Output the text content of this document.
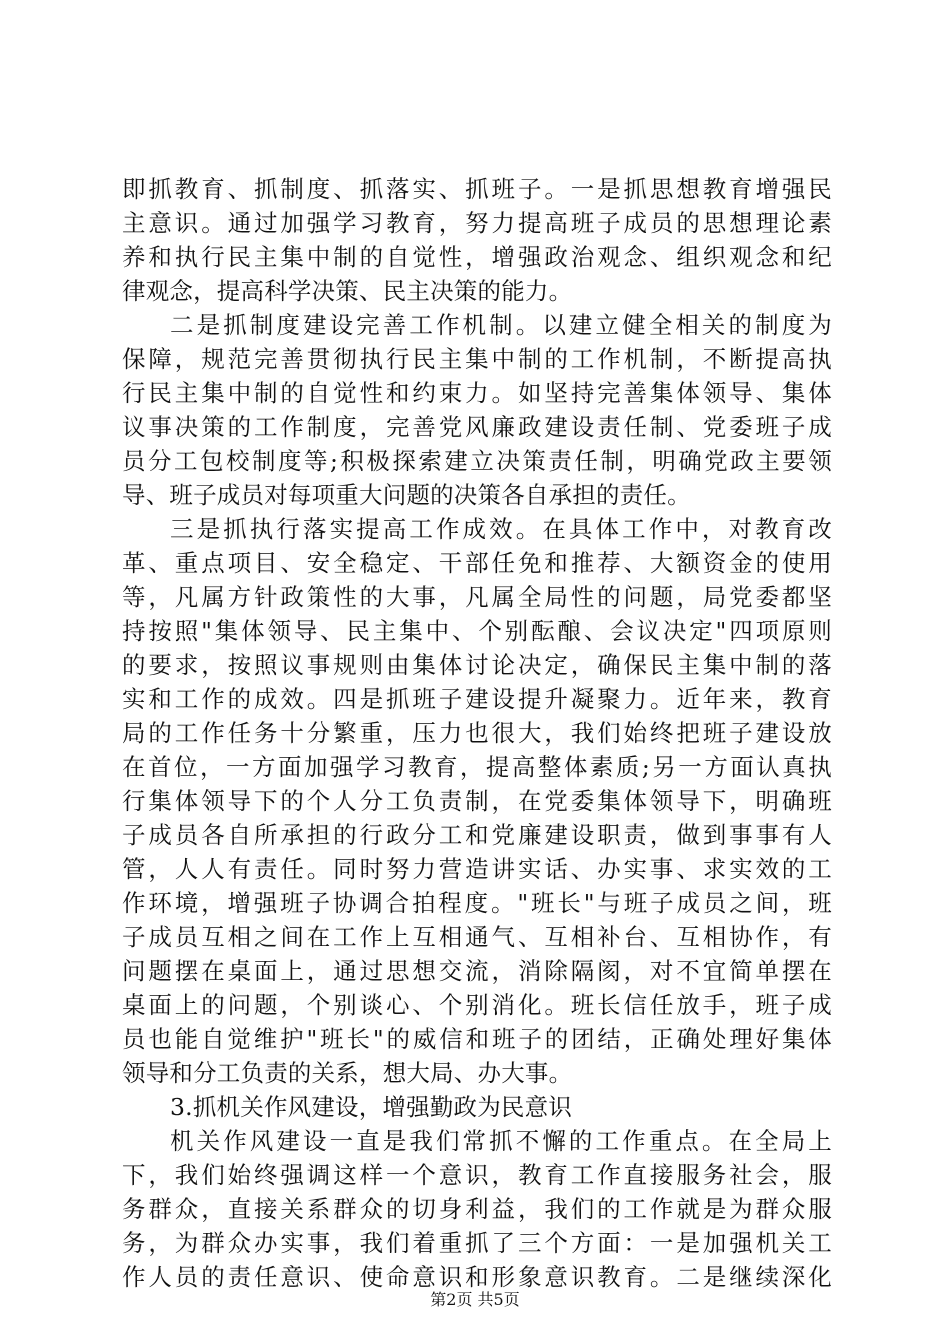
即抓教育、抓制度、抓落实、抓班子。一是抓思想教育增强民
主意识。通过加强学习教育，努力提高班子成员的思想理论素
养和执行民主集中制的自觉性，增强政治观念、组织观念和纪
律观念，提高科学决策、民主决策的能力。
二是抓制度建设完善工作机制。以建立健全相关的制度为
保障，规范完善贯彻执行民主集中制的工作机制，不断提高执
行民主集中制的自觉性和约束力。如坚持完善集体领导、集体
议事决策的工作制度，完善党风廉政建设责任制、党委班子成
员分工包校制度等;积极探索建立决策责任制，明确党政主要领
导、班子成员对每项重大问题的决策各自承担的责任。
三是抓执行落实提高工作成效。在具体工作中，对教育改
革、重点项目、安全稳定、干部任免和推荐、大额资金的使用
等，凡属方针政策性的大事，凡属全局性的问题，局党委都坚
持按照"集体领导、民主集中、个别酝酿、会议决定"四项原则
的要求，按照议事规则由集体讨论决定，确保民主集中制的落
实和工作的成效。四是抓班子建设提升凝聚力。近年来，教育
局的工作任务十分繁重，压力也很大，我们始终把班子建设放
在首位，一方面加强学习教育，提高整体素质;另一方面认真执
行集体领导下的个人分工负责制，在党委集体领导下，明确班
子成员各自所承担的行政分工和党廉建设职责，做到事事有人
管，人人有责任。同时努力营造讲实话、办实事、求实效的工
作环境，增强班子协调合拍程度。"班长"与班子成员之间，班
子成员互相之间在工作上互相通气、互相补台、互相协作，有
问题摆在桌面上，通过思想交流，消除隔阂，对不宜简单摆在
桌面上的问题，个别谈心、个别消化。班长信任放手，班子成
员也能自觉维护"班长"的威信和班子的团结，正确处理好集体
领导和分工负责的关系，想大局、办大事。
3.抓机关作风建设，增强勤政为民意识
机关作风建设一直是我们常抓不懈的工作重点。在全局上
下，我们始终强调这样一个意识，教育工作直接服务社会，服
务群众，直接关系群众的切身利益，我们的工作就是为群众服
务，为群众办实事，我们着重抓了三个方面：一是加强机关工
作人员的责任意识、使命意识和形象意识教育。二是继续深化
第2页 共5页
